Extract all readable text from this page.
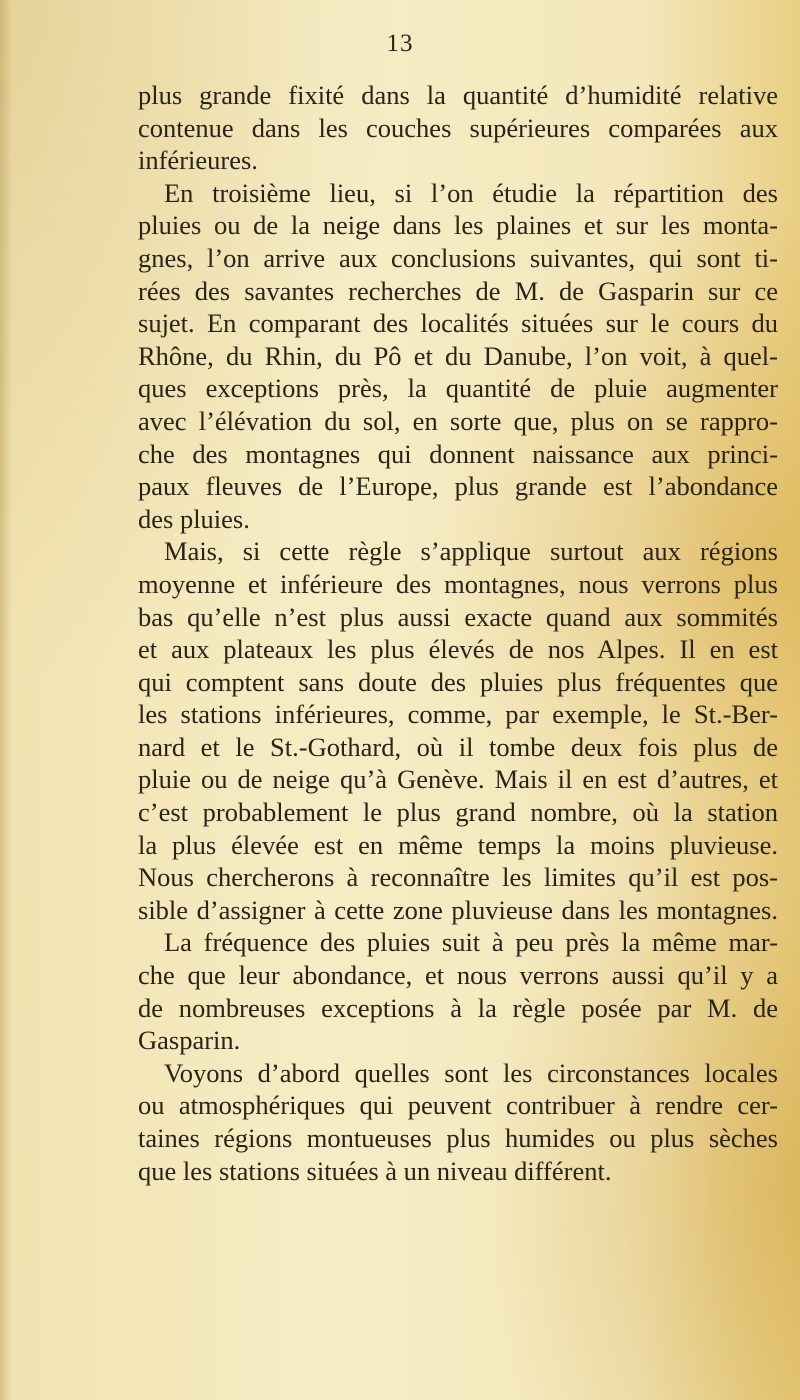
13
plus grande fixité dans la quantité d’humidité relative
contenue dans les couches supérieures comparées aux
inférieures.
En troisième lieu, si l’on étudie la répartition des
pluies ou de la neige dans les plaines et sur les monta-
gnes, l’on arrive aux conclusions suivantes, qui sont ti-
rées des savantes recherches de M. de Gasparin sur ce
sujet. En comparant des localités situées sur le cours du
Rhône, du Rhin, du Pô et du Danube, l’on voit, à quel-
ques exceptions près, la quantité de pluie augmenter
avec l’élévation du sol, en sorte que, plus on se rappro-
che des montagnes qui donnent naissance aux princi-
paux fleuves de l’Europe, plus grande est l’abondance
des pluies.
Mais, si cette règle s’applique surtout aux régions
moyenne et inférieure des montagnes, nous verrons plus
bas qu’elle n’est plus aussi exacte quand aux sommités
et aux plateaux les plus élevés de nos Alpes. Il en est
qui comptent sans doute des pluies plus fréquentes que
les stations inférieures, comme, par exemple, le St.-Ber-
nard et le St.-Gothard, où il tombe deux fois plus de
pluie ou de neige qu’à Genève. Mais il en est d’autres, et
c’est probablement le plus grand nombre, où la station
la plus élevée est en même temps la moins pluvieuse.
Nous chercherons à reconnaître les limites qu’il est pos-
sible d’assigner à cette zone pluvieuse dans les montagnes.
La fréquence des pluies suit à peu près la même mar-
che que leur abondance, et nous verrons aussi qu’il y a
de nombreuses exceptions à la règle posée par M. de
Gasparin.
Voyons d’abord quelles sont les circonstances locales
ou atmosphériques qui peuvent contribuer à rendre cer-
taines régions montueuses plus humides ou plus sèches
que les stations situées à un niveau différent.
